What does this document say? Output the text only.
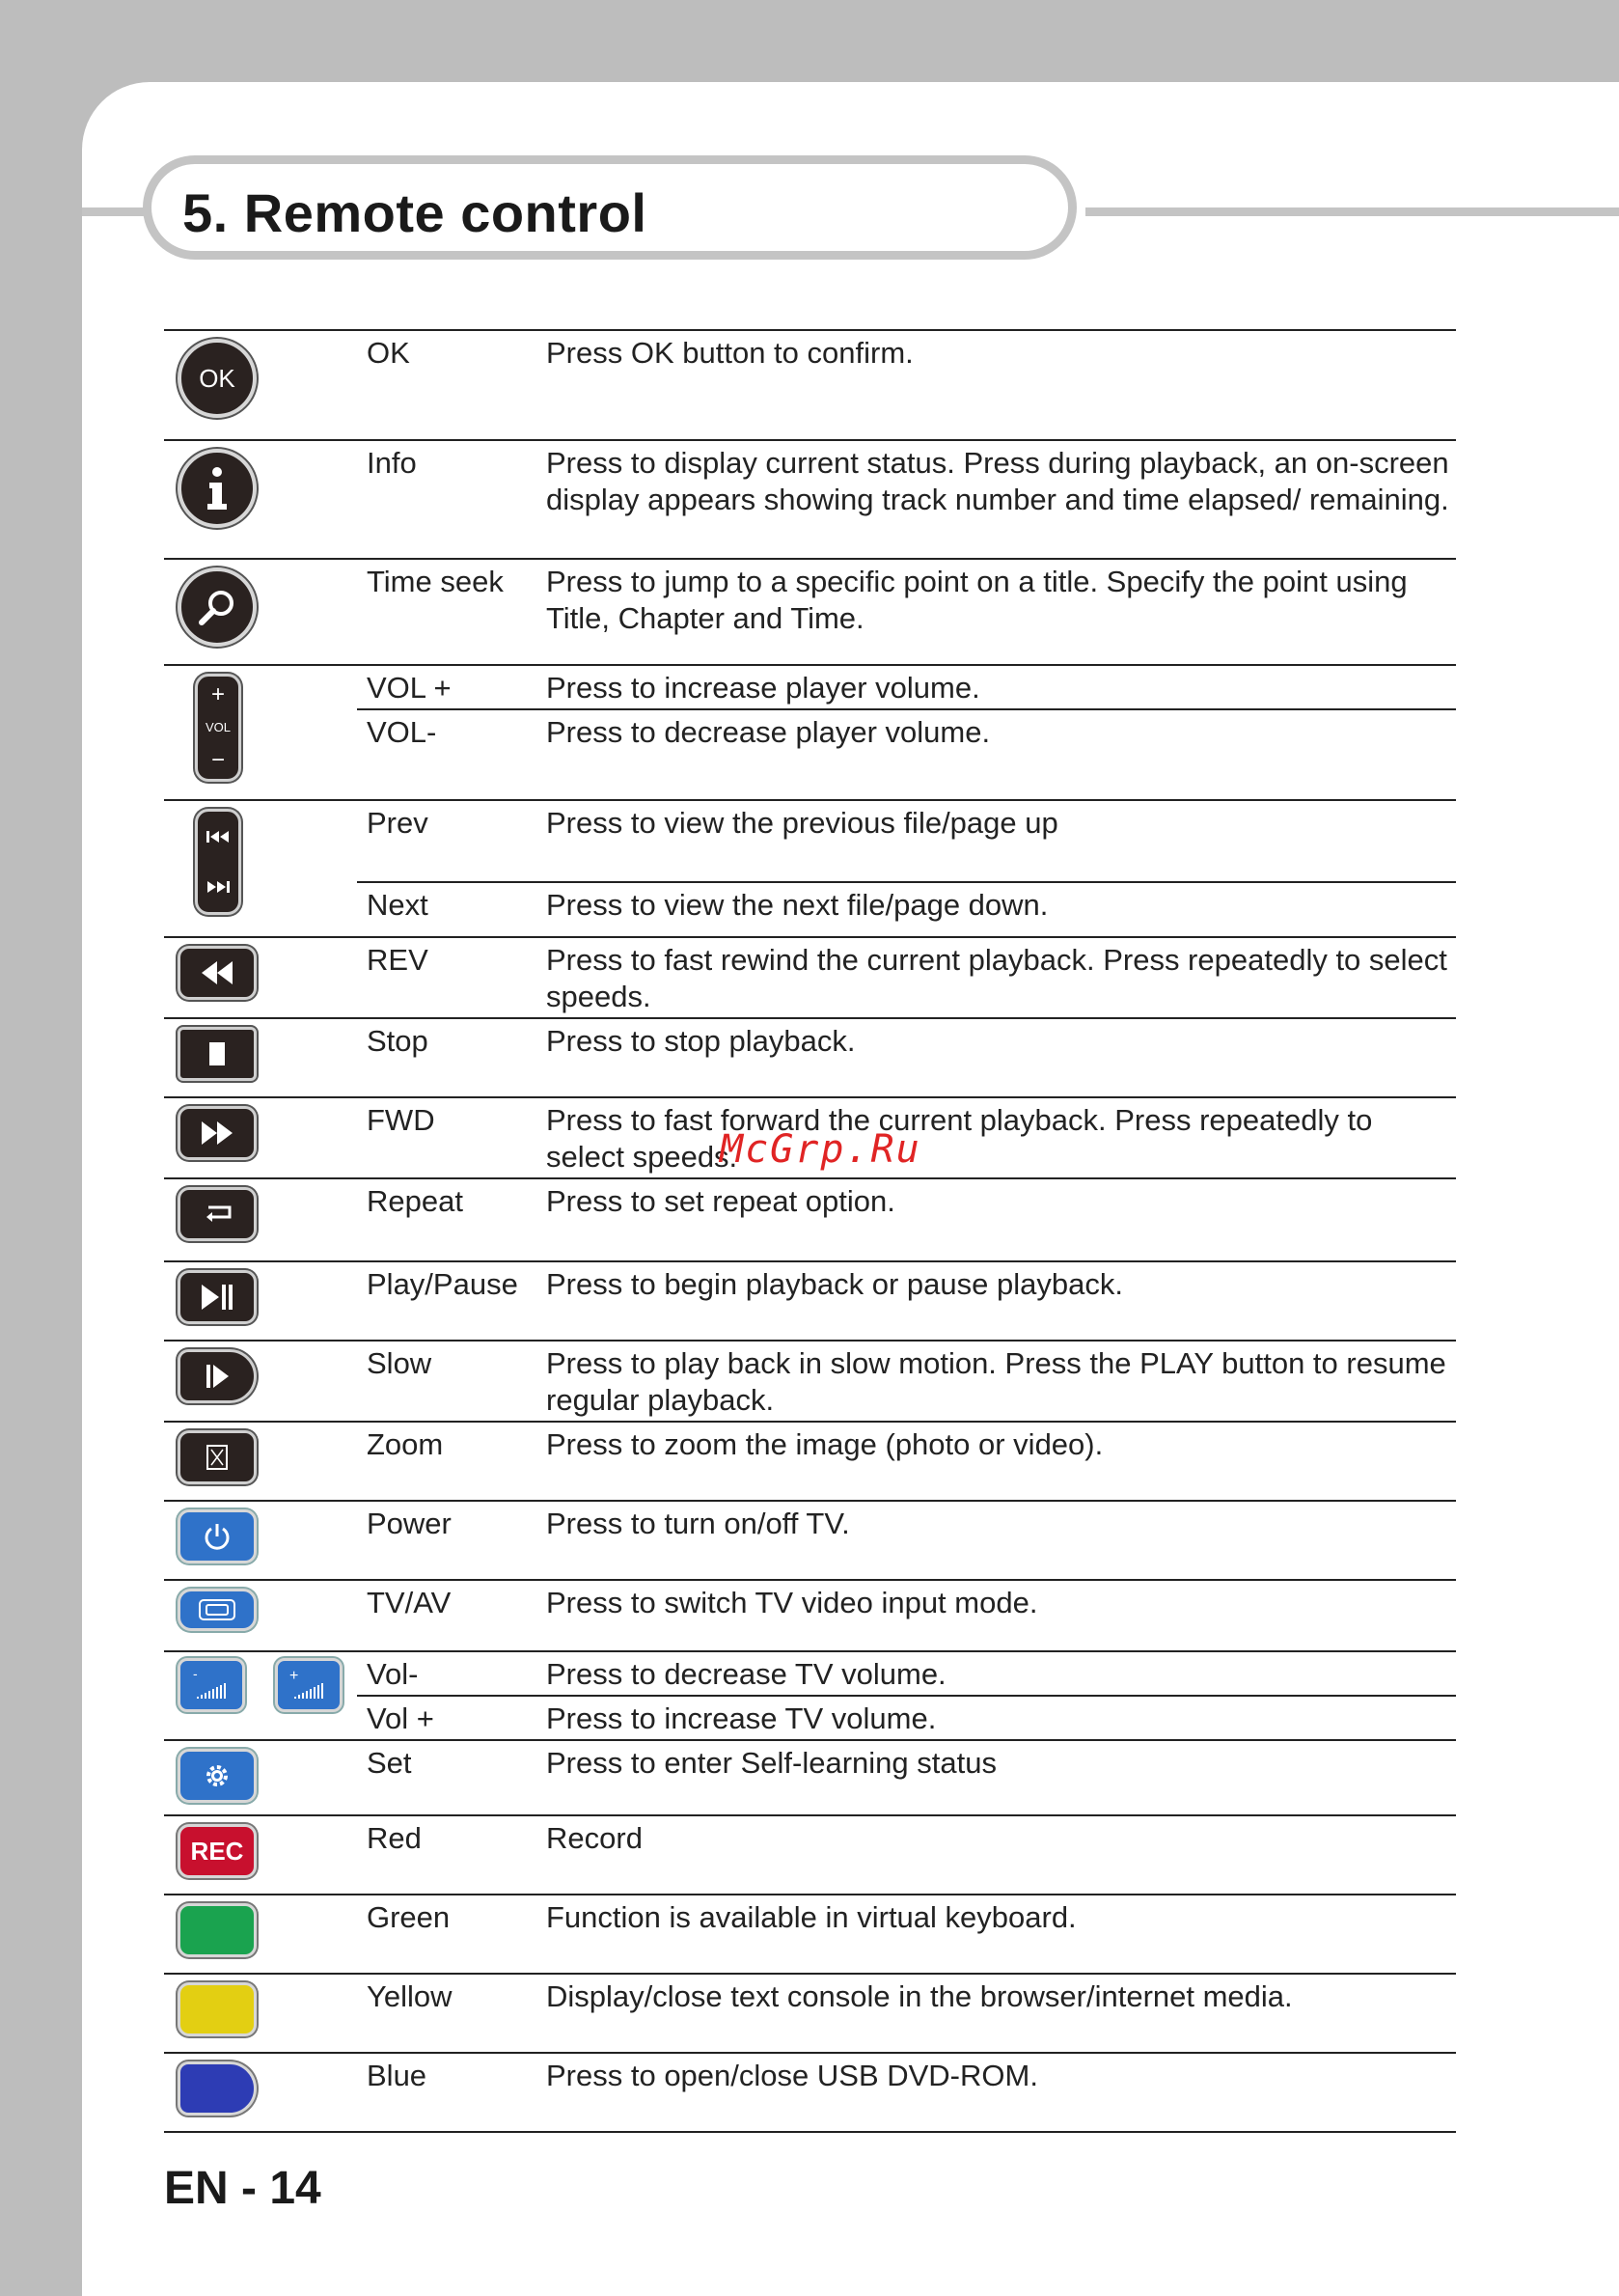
5. Remote control
OK	OK	Press OK button to confirm.

	Info	Press to display current status. Press during playback, an on-screen display appears showing track number and time elapsed/ remaining.

	Time seek	Press to jump to a specific point on a title. Specify the point using Title, Chapter and Time.

+
VOL
−	VOL +	Press to increase player volume.
	VOL-	Press to decrease player volume.

	Prev	Press to view the previous file/page up
	Next	Press to view the next file/page down.

	REV	Press to fast rewind the current playback. Press repeatedly to select speeds.

	Stop	Press to stop playback.

	FWD	Press to fast forward the current playback. Press repeatedly to select speeds.

	Repeat	Press to set repeat option.

	Play/Pause	Press to begin playback or pause playback.

	Slow	Press to play back in slow motion. Press the PLAY button to resume regular playback.

	Zoom	Press to zoom the image (photo or video).

	Power	Press to turn on/off TV.

	TV/AV	Press to switch TV video input mode.

-
+	Vol-	Press to decrease TV volume.
	Vol +	Press to increase TV volume.

	Set	Press to enter Self-learning status
REC	Red	Record
	Green	Function is available in virtual keyboard.
	Yellow	Display/close text console in the browser/internet media.
	Blue	Press to open/close USB DVD-ROM.
McGrp.Ru
EN - 14
